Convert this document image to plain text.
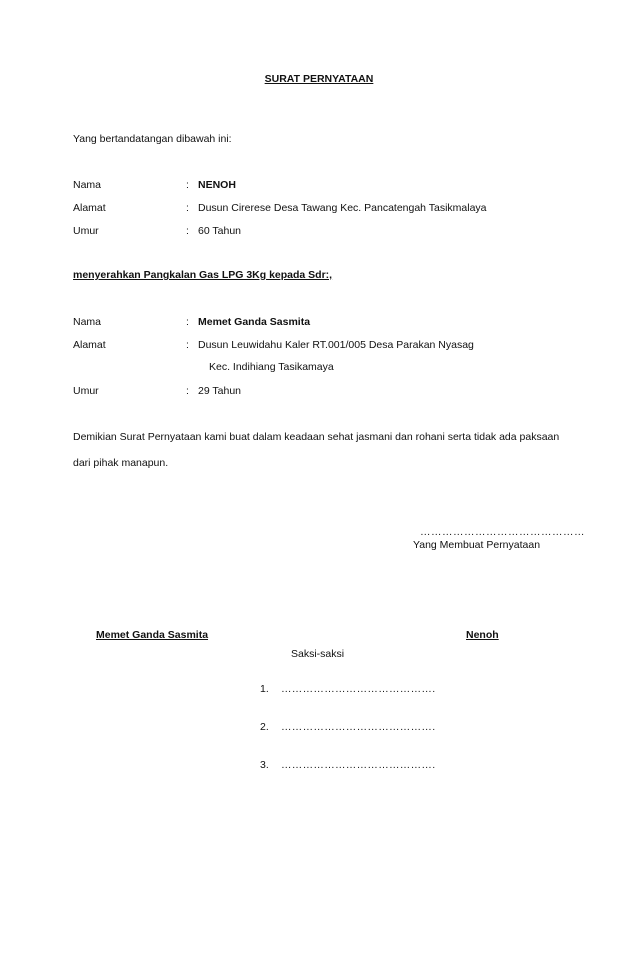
SURAT PERNYATAAN
Yang bertandatangan dibawah ini:
Nama	: NENOH
Alamat	: Dusun Cirerese Desa Tawang Kec. Pancatengah Tasikmalaya
Umur	: 60 Tahun
menyerahkan Pangkalan Gas LPG 3Kg kepada Sdr:,
Nama	: Memet Ganda Sasmita
Alamat	: Dusun Leuwidahu Kaler RT.001/005 Desa Parakan Nyasag
Kec. Indihiang Tasikamaya
Umur	: 29 Tahun
Demikian Surat Pernyataan kami buat dalam keadaan sehat jasmani dan rohani serta tidak ada paksaan dari pihak manapun.
………………………………………
Yang Membuat Pernyataan
Memet Ganda Sasmita	Nenoh
Saksi-saksi
1. …………………………………….
2. …………………………………….
3. …………………………………….
